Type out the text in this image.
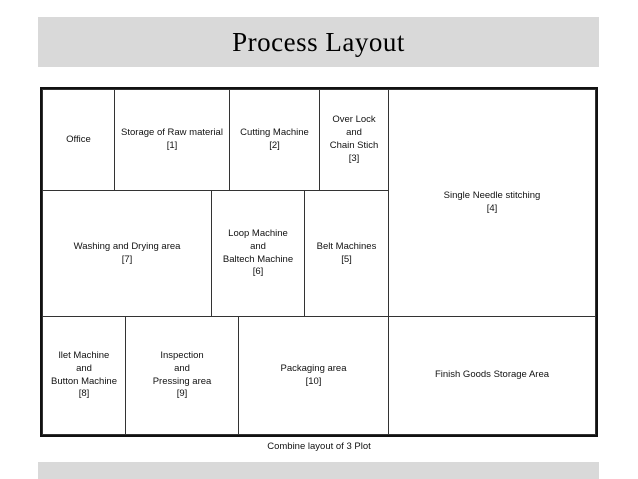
Process Layout
Office
Storage of Raw material
[1]
Cutting Machine
[2]
Over Lock
and
Chain Stich
[3]
Single Needle stitching
[4]
Washing and Drying area
[7]
Loop Machine
and
Baltech Machine
[6]
Belt Machines
[5]
llet Machine
and
Button Machine
[8]
Inspection
and
Pressing area
[9]
Packaging area
[10]
Finish Goods Storage Area
Combine layout of 3 Plot
